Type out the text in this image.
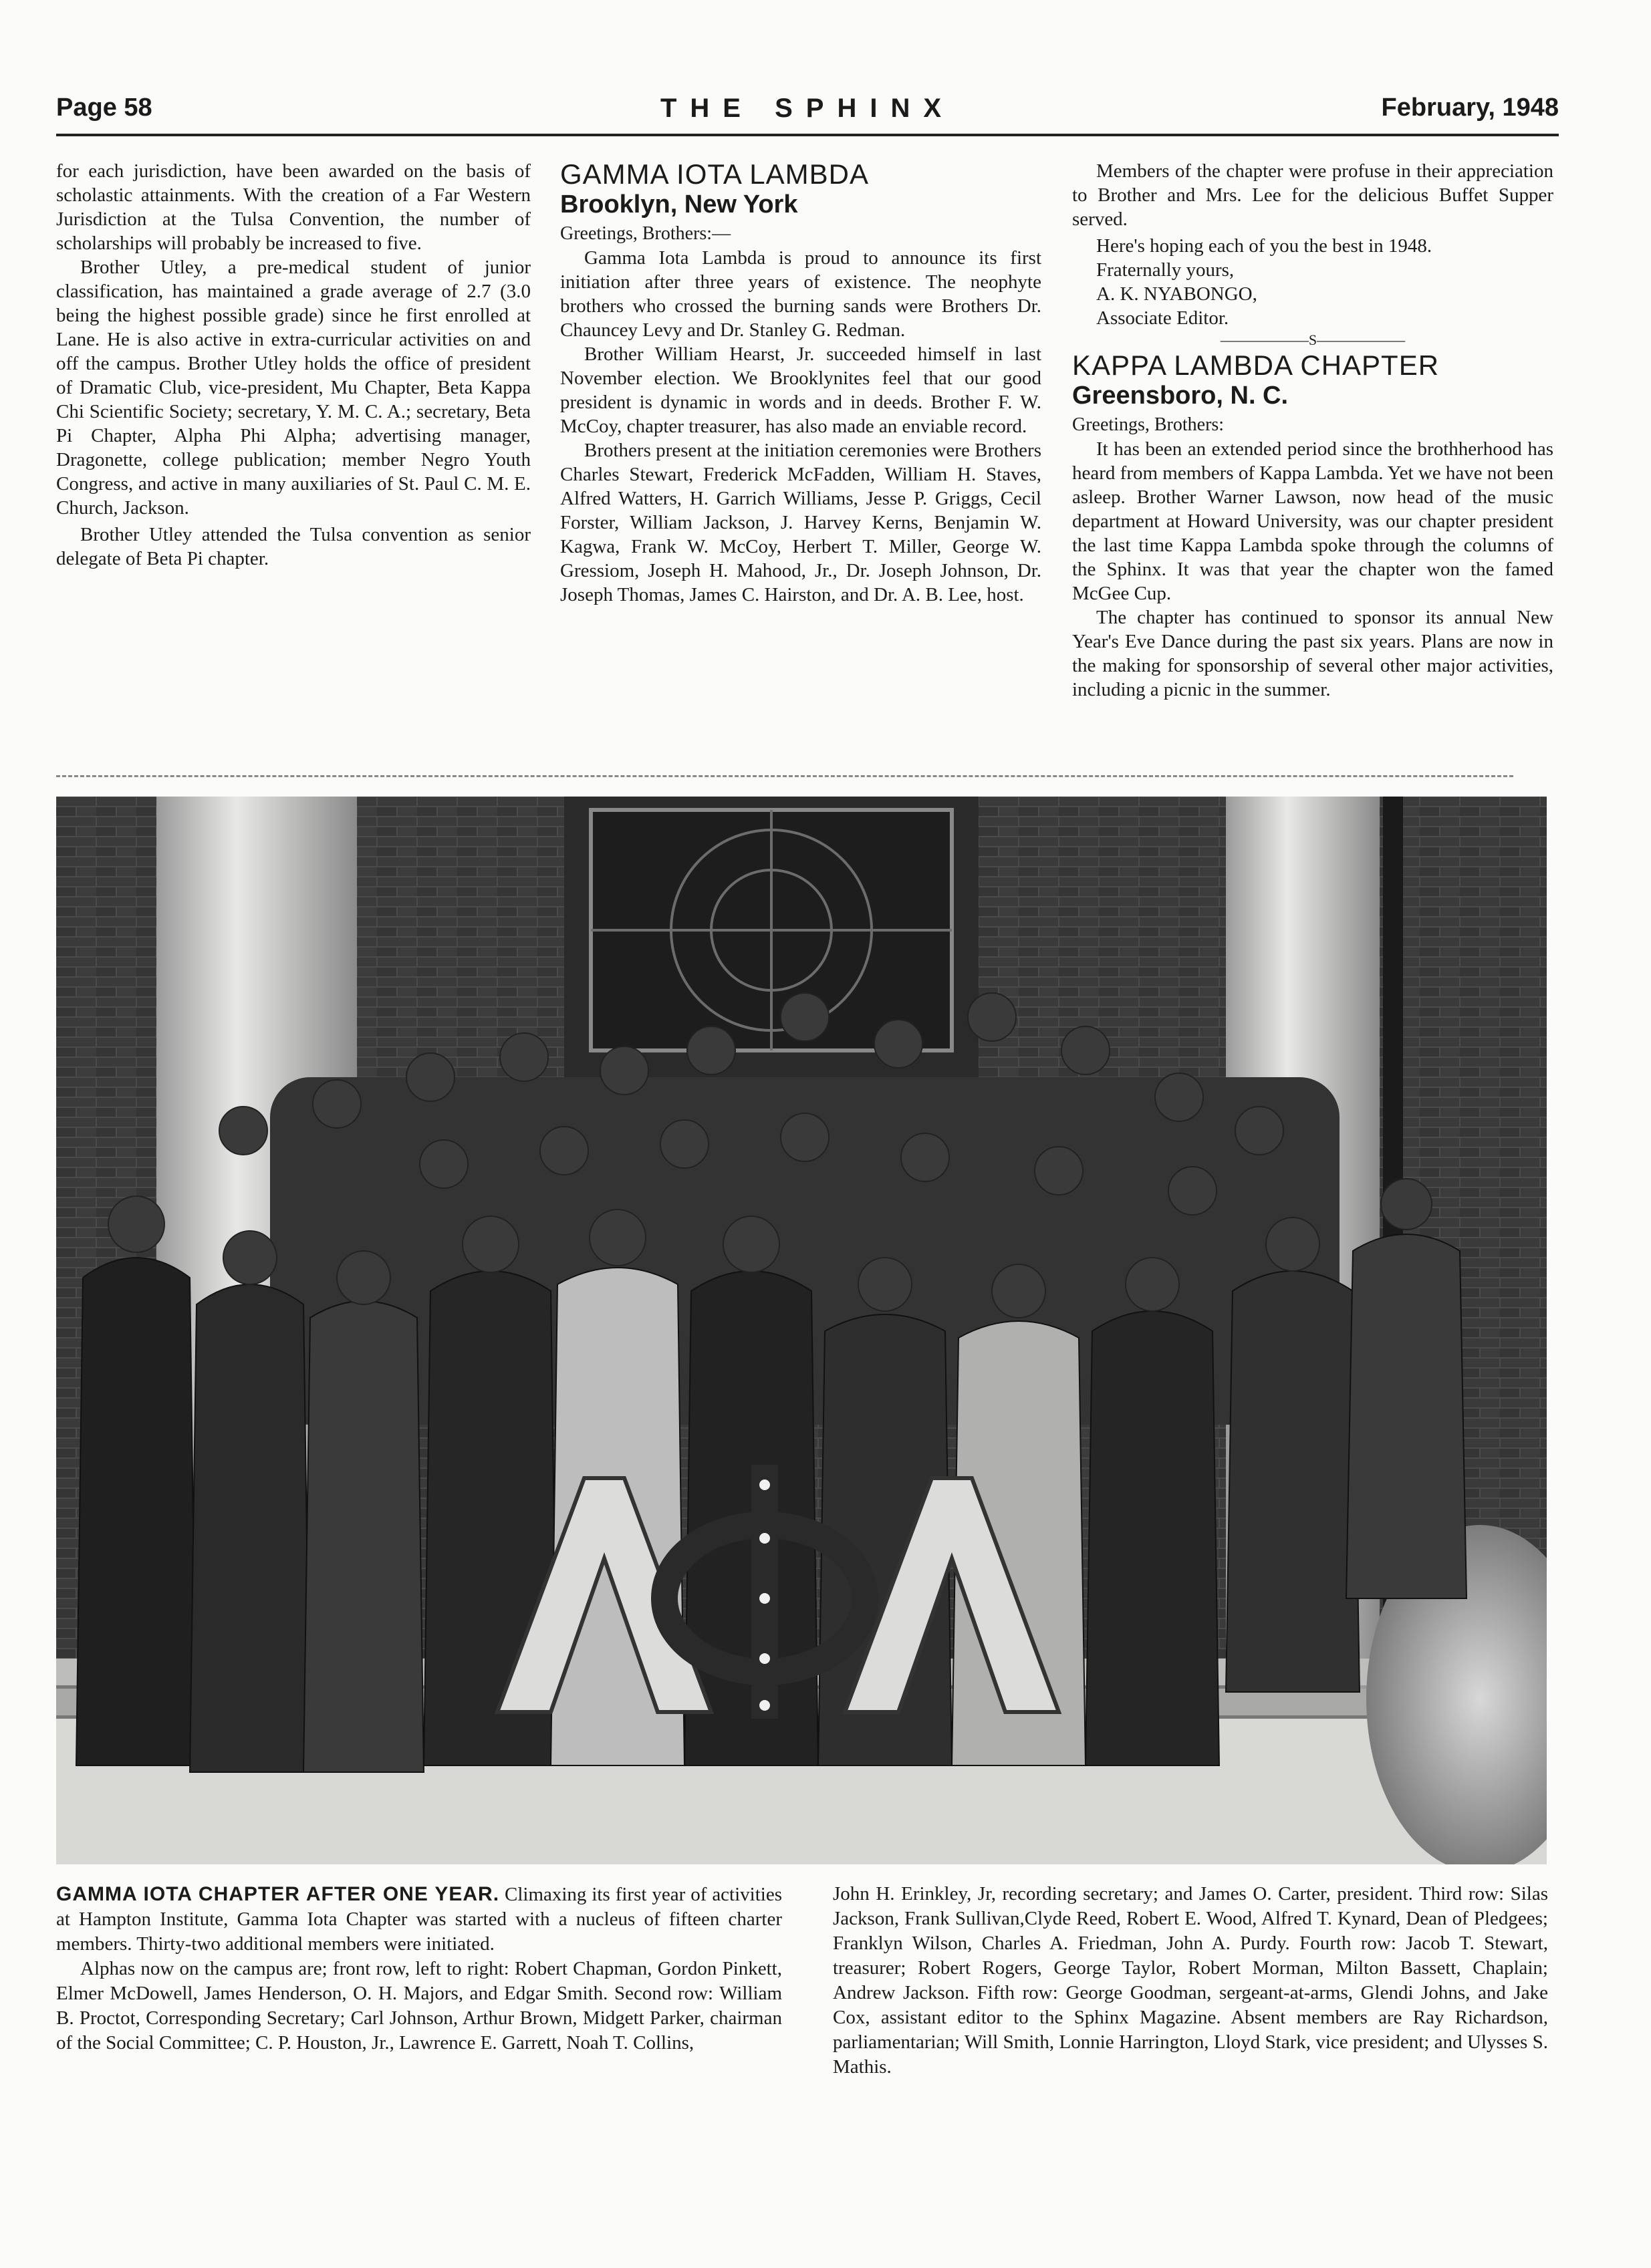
THE SPHINX
Page 58	February, 1948

for each jurisdiction, have been awarded on the basis of scholastic attainments. With the creation of a Far Western Jurisdiction at the Tulsa Convention, the number of scholarships will probably be increased to five.

Brother Utley, a pre-medical student of junior classification, has maintained a grade average of 2.7 (3.0 being the highest possible grade) since he first enrolled at Lane. He is also active in extra-curricular activities on and off the campus. Brother Utley holds the office of president of Dramatic Club, vice-president, Mu Chapter, Beta Kappa Chi Scientific Society; secretary, Y. M. C. A.; secretary, Beta Pi Chapter, Alpha Phi Alpha; advertising manager, Dragonette, college publication; member Negro Youth Congress, and active in many auxiliaries of St. Paul C. M. E. Church, Jackson.

Brother Utley attended the Tulsa convention as senior delegate of Beta Pi chapter.

GAMMA IOTA LAMBDA
Brooklyn, New York

Greetings, Brothers:—

Gamma Iota Lambda is proud to announce its first initiation after three years of existence. The neophyte brothers who crossed the burning sands were Brothers Dr. Chauncey Levy and Dr. Stanley G. Redman.

Brother William Hearst, Jr. succeeded himself in last November election. We Brooklynites feel that our good president is dynamic in words and in deeds. Brother F. W. McCoy, chapter treasurer, has also made an enviable record.

Brothers present at the initiation ceremonies were Brothers Charles Stewart, Frederick McFadden, William H. Staves, Alfred Watters, H. Garrich Williams, Jesse P. Griggs, Cecil Forster, William Jackson, J. Harvey Kerns, Benjamin W. Kagwa, Frank W. McCoy, Herbert T. Miller, George W. Gressiom, Joseph H. Mahood, Jr., Dr. Joseph Johnson, Dr. Joseph Thomas, James C. Hairston, and Dr. A. B. Lee, host.

Members of the chapter were profuse in their appreciation to Brother and Mrs. Lee for the delicious Buffet Supper served.

Here's hoping each of you the best in 1948.

Fraternally yours,

A. K. NYABONGO,

Associate Editor.

——————S——————

KAPPA LAMBDA CHAPTER
Greensboro, N. C.

Greetings, Brothers:

It has been an extended period since the brothherhood has heard from members of Kappa Lambda. Yet we have not been asleep. Brother Warner Lawson, now head of the music department at Howard University, was our chapter president the last time Kappa Lambda spoke through the columns of the Sphinx. It was that year the chapter won the famed McGee Cup.

The chapter has continued to sponsor its annual New Year's Eve Dance during the past six years. Plans are now in the making for sponsorship of several other major activities, including a picnic in the summer.

ΑΦΑ

GAMMA IOTA CHAPTER AFTER ONE YEAR. Climaxing its first year of activities at Hampton Institute, Gamma Iota Chapter was started with a nucleus of fifteen charter members. Thirty-two additional members were initiated.

Alphas now on the campus are; front row, left to right: Robert Chapman, Gordon Pinkett, Elmer McDowell, James Henderson, O. H. Majors, and Edgar Smith. Second row: William B. Proctot, Corresponding Secretary; Carl Johnson, Arthur Brown, Midgett Parker, chairman of the Social Committee; C. P. Houston, Jr., Lawrence E. Garrett, Noah T. Collins,

John H. Erinkley, Jr, recording secretary; and James O. Carter, president. Third row: Silas Jackson, Frank Sullivan,Clyde Reed, Robert E. Wood, Alfred T. Kynard, Dean of Pledgees; Franklyn Wilson, Charles A. Friedman, John A. Purdy. Fourth row: Jacob T. Stewart, treasurer; Robert Rogers, George Taylor, Robert Morman, Milton Bassett, Chaplain; Andrew Jackson. Fifth row: George Goodman, sergeant-at-arms, Glendi Johns, and Jake Cox, assistant editor to the Sphinx Magazine. Absent members are Ray Richardson, parliamentarian; Will Smith, Lonnie Harrington, Lloyd Stark, vice president; and Ulysses S. Mathis.
